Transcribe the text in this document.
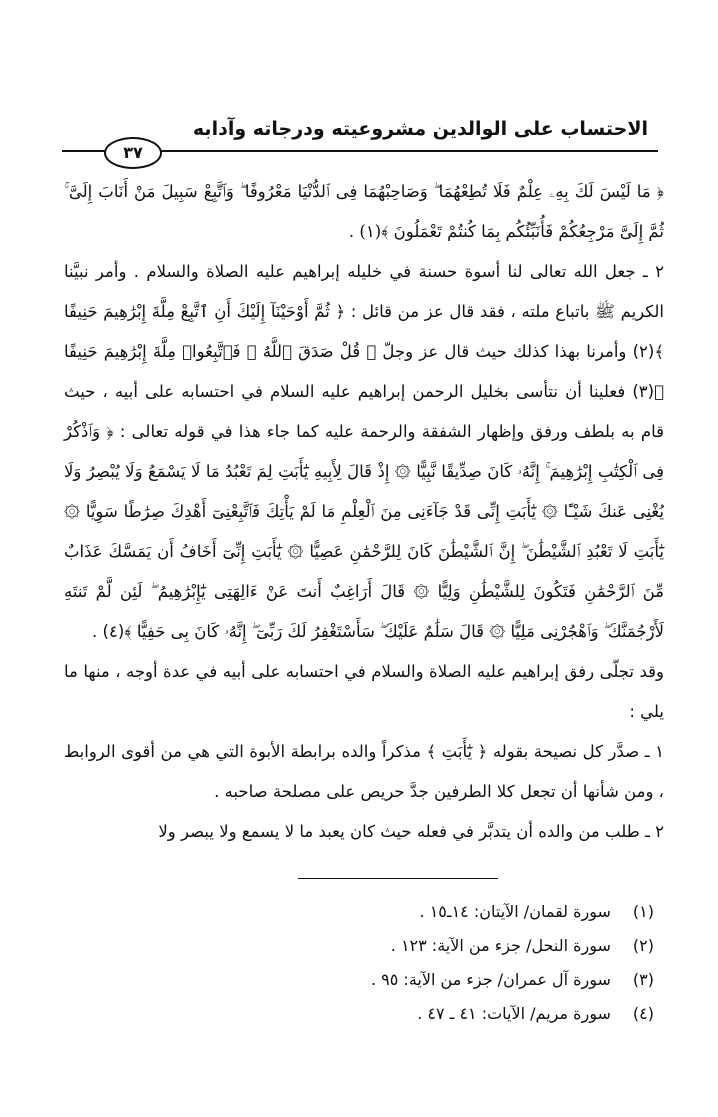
الاحتساب على الوالدين مشروعيته ودرجاته وآدابه
٣٧

﴿ مَا لَيْسَ لَكَ بِهِۦ عِلْمٌ فَلَا تُطِعْهُمَا ۖ وَصَاحِبْهُمَا فِى ٱلدُّنْيَا مَعْرُوفًا ۖ وَٱتَّبِعْ سَبِيلَ مَنْ أَنَابَ إِلَىَّ ۚ ثُمَّ إِلَىَّ مَرْجِعُكُمْ فَأُنَبِّئُكُم بِمَا كُنتُمْ تَعْمَلُونَ ﴾(١) .

٢ ـ جعل الله تعالى لنا أسوة حسنة في خليله إبراهيم عليه الصلاة والسلام . وأمر نبيَّنا الكريم ﷺ باتباع ملته ، فقد قال عز من قائل : ﴿ ثُمَّ أَوْحَيْنَآ إِلَيْكَ أَنِ ٱتَّبِعْ مِلَّةَ إِبْرَٰهِيمَ حَنِيفًا ﴾(٢) وأمرنا بهذا كذلك حيث قال عز وجلّ ﴿ قُلْ صَدَقَ ٱللَّهُ ۗ فَٱتَّبِعُوا۟ مِلَّةَ إِبْرَٰهِيمَ حَنِيفًا ﴾(٣) فعلينا أن نتأسى بخليل الرحمن إبراهيم عليه السلام في احتسابه على أبيه ، حيث قام به بلطف ورفق وإظهار الشفقة والرحمة عليه كما جاء هذا في قوله تعالى : ﴿ وَٱذْكُرْ فِى ٱلْكِتَٰبِ إِبْرَٰهِيمَ ۚ إِنَّهُۥ كَانَ صِدِّيقًا نَّبِيًّا ۞ إِذْ قَالَ لِأَبِيهِ يَٰٓأَبَتِ لِمَ تَعْبُدُ مَا لَا يَسْمَعُ وَلَا يُبْصِرُ وَلَا يُغْنِى عَنكَ شَيْـًٔا ۞ يَٰٓأَبَتِ إِنِّى قَدْ جَآءَنِى مِنَ ٱلْعِلْمِ مَا لَمْ يَأْتِكَ فَٱتَّبِعْنِىٓ أَهْدِكَ صِرَٰطًا سَوِيًّا ۞ يَٰٓأَبَتِ لَا تَعْبُدِ ٱلشَّيْطَٰنَ ۖ إِنَّ ٱلشَّيْطَٰنَ كَانَ لِلرَّحْمَٰنِ عَصِيًّا ۞ يَٰٓأَبَتِ إِنِّىٓ أَخَافُ أَن يَمَسَّكَ عَذَابٌ مِّنَ ٱلرَّحْمَٰنِ فَتَكُونَ لِلشَّيْطَٰنِ وَلِيًّا ۞ قَالَ أَرَاغِبٌ أَنتَ عَنْ ءَالِهَتِى يَٰٓإِبْرَٰهِيمُ ۖ لَئِن لَّمْ تَنتَهِ لَأَرْجُمَنَّكَ ۖ وَٱهْجُرْنِى مَلِيًّا ۞ قَالَ سَلَٰمٌ عَلَيْكَ ۖ سَأَسْتَغْفِرُ لَكَ رَبِّىٓ ۖ إِنَّهُۥ كَانَ بِى حَفِيًّا ﴾(٤) .

وقد تجلّى رفق إبراهيم عليه الصلاة والسلام في احتسابه على أبيه في عدة أوجه ، منها ما يلي :

١ ـ صدَّر كل نصيحة بقوله ﴿ يَٰٓأَبَتِ ﴾ مذكراً والده برابطة الأبوة التي هي من أقوى الروابط ، ومن شأنها أن تجعل كلا الطرفين جدَّ حريص على مصلحة صاحبه .

٢ ـ طلب من والده أن يتدبَّر في فعله حيث كان يعبد ما لا يسمع ولا يبصر ولا

(١) سورة لقمان/ الآيتان: ١٤ـ١٥ .
(٢) سورة النحل/ جزء من الآية: ١٢٣ .
(٣) سورة آل عمران/ جزء من الآية: ٩٥ .
(٤) سورة مريم/ الآيات: ٤١ ـ ٤٧ .
